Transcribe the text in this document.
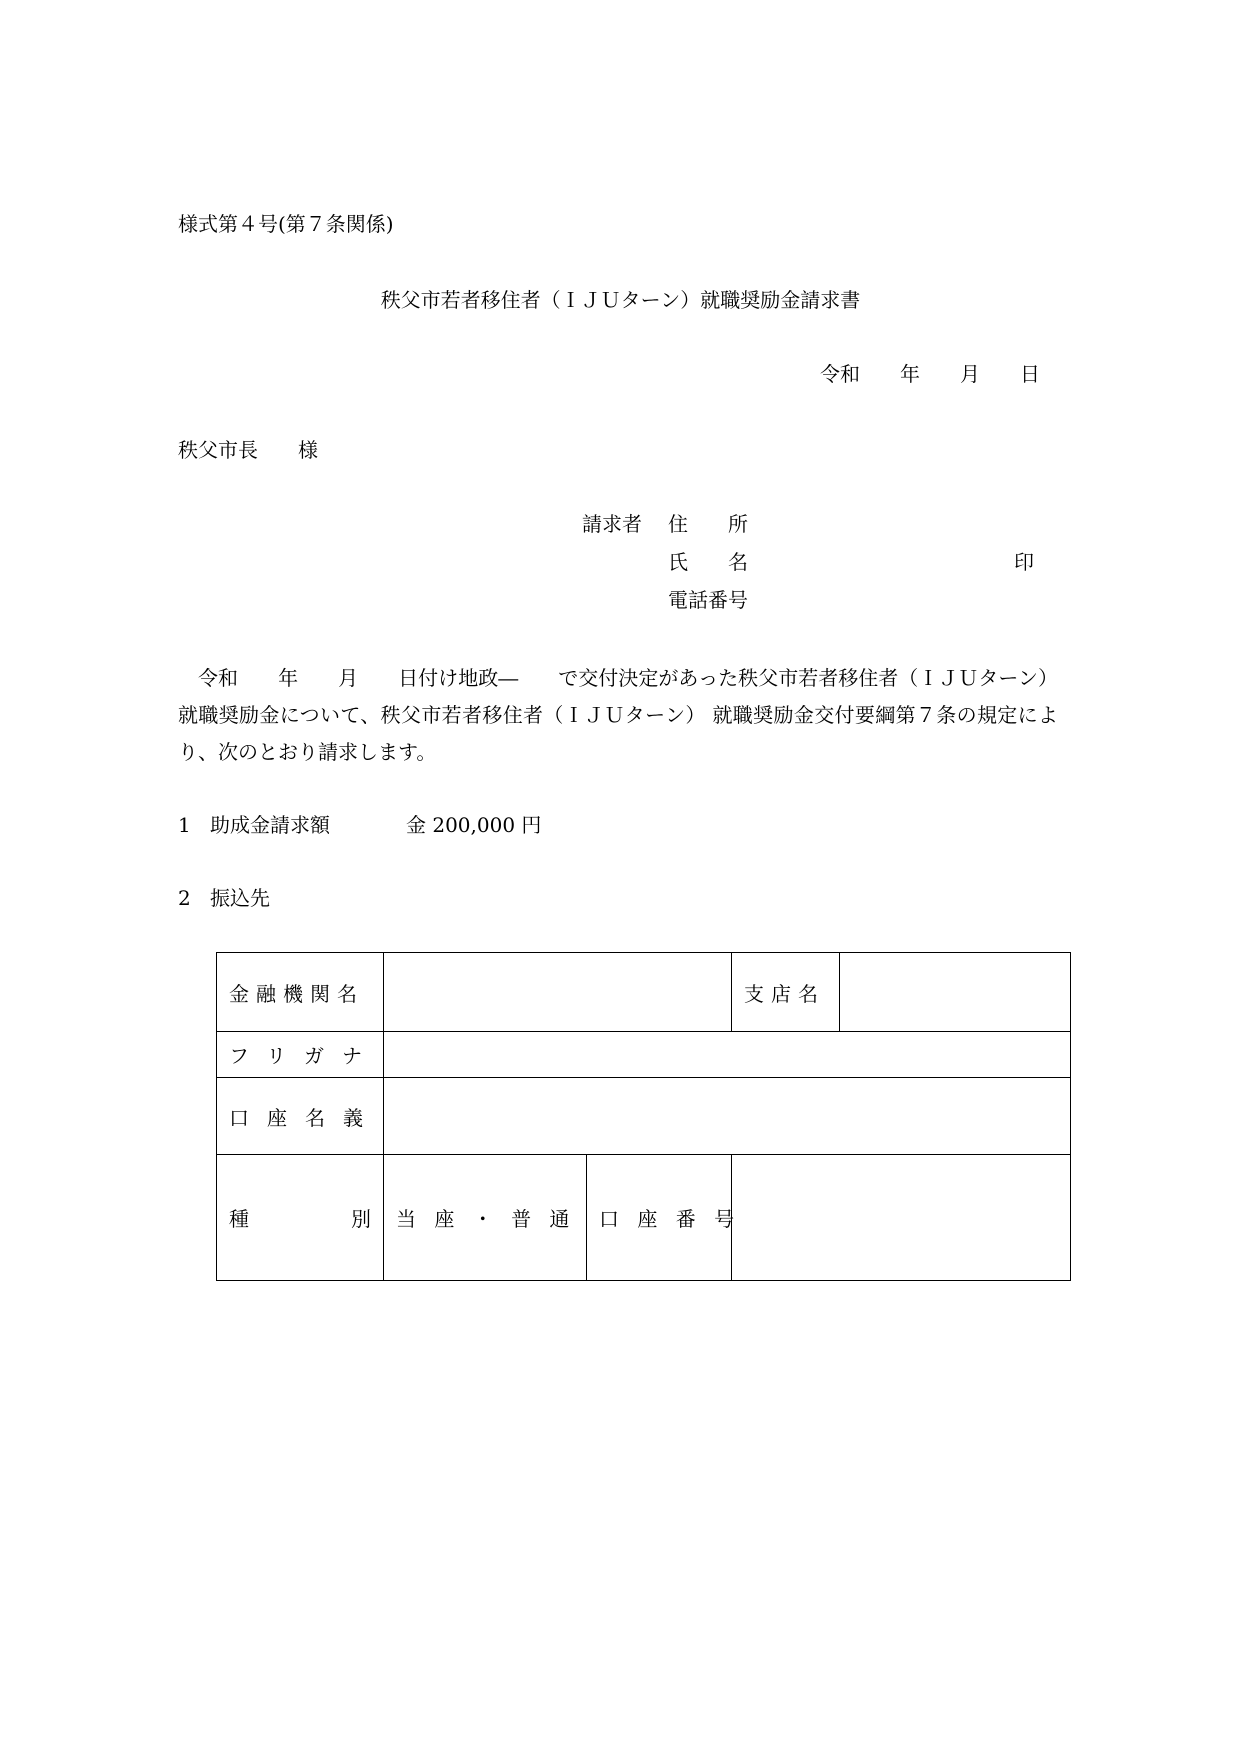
様式第４号(第７条関係)
秩父市若者移住者（ＩＪＵターン）就職奨励金請求書
令和　　年　　月　　日
秩父市長　　様
請求者 住　　所
氏　　名	印
電話番号
　令和　　年　　月　　日付け地政―　　で交付決定があった秩父市若者移住者（ＩＪＵターン）就職奨励金について、秩父市若者移住者（ＩＪＵターン） 就職奨励金交付要綱第７条の規定により、次のとおり請求します。
1 助成金請求額	金 200,000 円
2 振込先
金融機関名			支店名	
フリガナ				
口座名義				

種 別	当 座 ・ 普 通	口 座 番 号		
